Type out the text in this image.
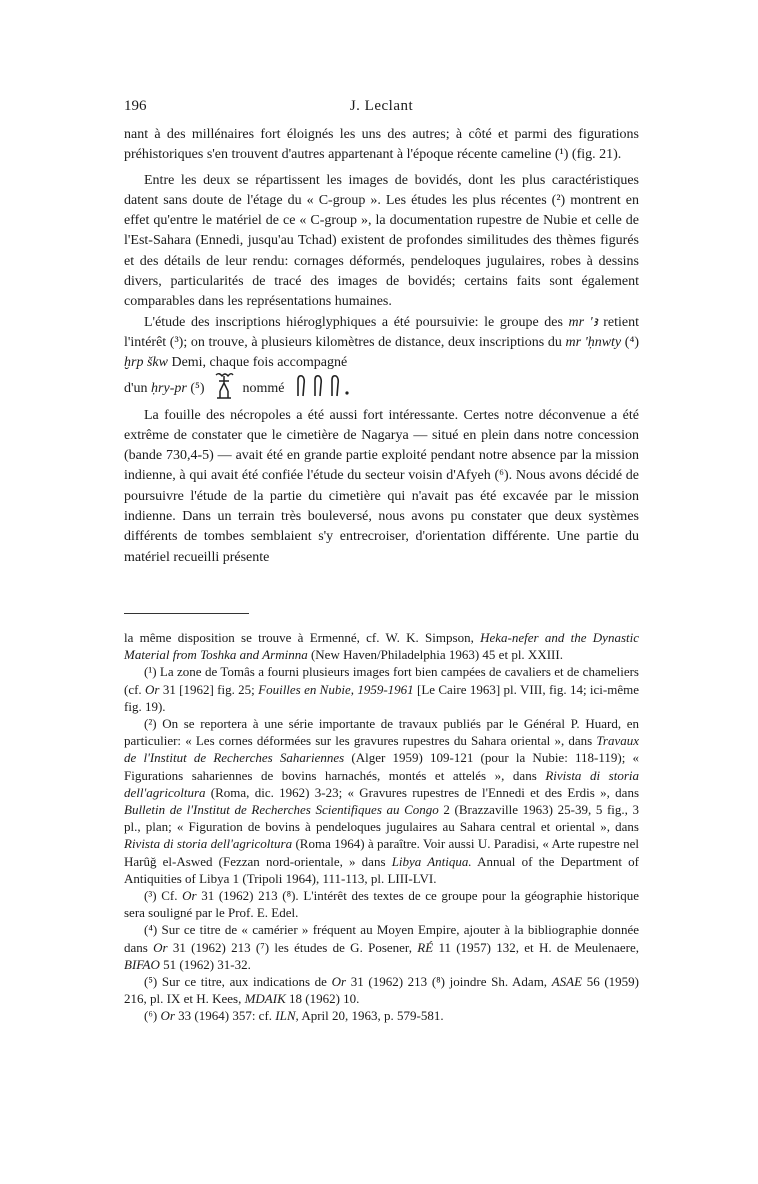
196	J. Leclant

nant à des millénaires fort éloignés les uns des autres; à côté et parmi des figurations préhistoriques s'en trouvent d'autres appartenant à l'époque récente cameline (¹) (fig. 21).

Entre les deux se répartissent les images de bovidés, dont les plus caractéristiques datent sans doute de l'étage du « C-group ». Les études les plus récentes (²) montrent en effet qu'entre le matériel de ce « C-group », la documentation rupestre de Nubie et celle de l'Est-Sahara (Ennedi, jusqu'au Tchad) existent de profondes similitudes des thèmes figurés et des détails de leur rendu: cornages déformés, pendeloques jugulaires, robes à dessins divers, particularités de tracé des images de bovidés; certains faits sont également comparables dans les représentations humaines.

L'étude des inscriptions hiéroglyphiques a été poursuivie: le groupe des mr 'ꜣ retient l'intérêt (³); on trouve, à plusieurs kilomètres de distance, deux inscriptions du mr 'ḥnwty (⁴) ḫrp škw Demi, chaque fois accompagné

d'un
ḥry-pr
(⁵)	nommé

La fouille des nécropoles a été aussi fort intéressante. Certes notre déconvenue a été extrême de constater que le cimetière de Nagarya — situé en plein dans notre concession (bande 730,4-5) — avait été en grande partie exploité pendant notre absence par la mission indienne, à qui avait été confiée l'étude du secteur voisin d'Afyeh (⁶). Nous avons décidé de poursuivre l'étude de la partie du cimetière qui n'avait pas été excavée par le mission indienne. Dans un terrain très bouleversé, nous avons pu constater que deux systèmes différents de tombes semblaient s'y entrecroiser, d'orientation différente. Une partie du matériel recueilli présente

la même disposition se trouve à Ermenné, cf. W. K. Simpson, Heka-nefer and the Dynastic Material from Toshka and Arminna (New Haven/Philadelphia 1963) 45 et pl. XXIII.

(¹) La zone de Tomâs a fourni plusieurs images fort bien campées de cavaliers et de chameliers (cf. Or 31 [1962] fig. 25; Fouilles en Nubie, 1959-1961 [Le Caire 1963] pl. VIII, fig. 14; ici-même fig. 19).

(²) On se reportera à une série importante de travaux publiés par le Général P. Huard, en particulier: « Les cornes déformées sur les gravures rupestres du Sahara oriental », dans Travaux de l'Institut de Recherches Sahariennes (Alger 1959) 109-121 (pour la Nubie: 118-119); « Figurations sahariennes de bovins harnachés, montés et attelés », dans Rivista di storia dell'agricoltura (Roma, dic. 1962) 3-23; « Gravures rupestres de l'Ennedi et des Erdis », dans Bulletin de l'Institut de Recherches Scientifiques au Congo 2 (Brazzaville 1963) 25-39, 5 fig., 3 pl., plan; « Figuration de bovins à pendeloques jugulaires au Sahara central et oriental », dans Rivista di storia dell'agricoltura (Roma 1964) à paraître. Voir aussi U. Paradisi, « Arte rupestre nel Harûǧ el-Aswed (Fezzan nord-orientale, » dans Libya Antiqua. Annual of the Department of Antiquities of Libya 1 (Tripoli 1964), 111-113, pl. LIII-LVI.

(³) Cf. Or 31 (1962) 213 (⁸). L'intérêt des textes de ce groupe pour la géographie historique sera souligné par le Prof. E. Edel.

(⁴) Sur ce titre de « camérier » fréquent au Moyen Empire, ajouter à la bibliographie donnée dans Or 31 (1962) 213 (⁷) les études de G. Posener, RÉ 11 (1957) 132, et H. de Meulenaere, BIFAO 51 (1962) 31-32.

(⁵) Sur ce titre, aux indications de Or 31 (1962) 213 (⁸) joindre Sh. Adam, ASAE 56 (1959) 216, pl. IX et H. Kees, MDAIK 18 (1962) 10.

(⁶) Or 33 (1964) 357: cf. ILN, April 20, 1963, p. 579-581.
